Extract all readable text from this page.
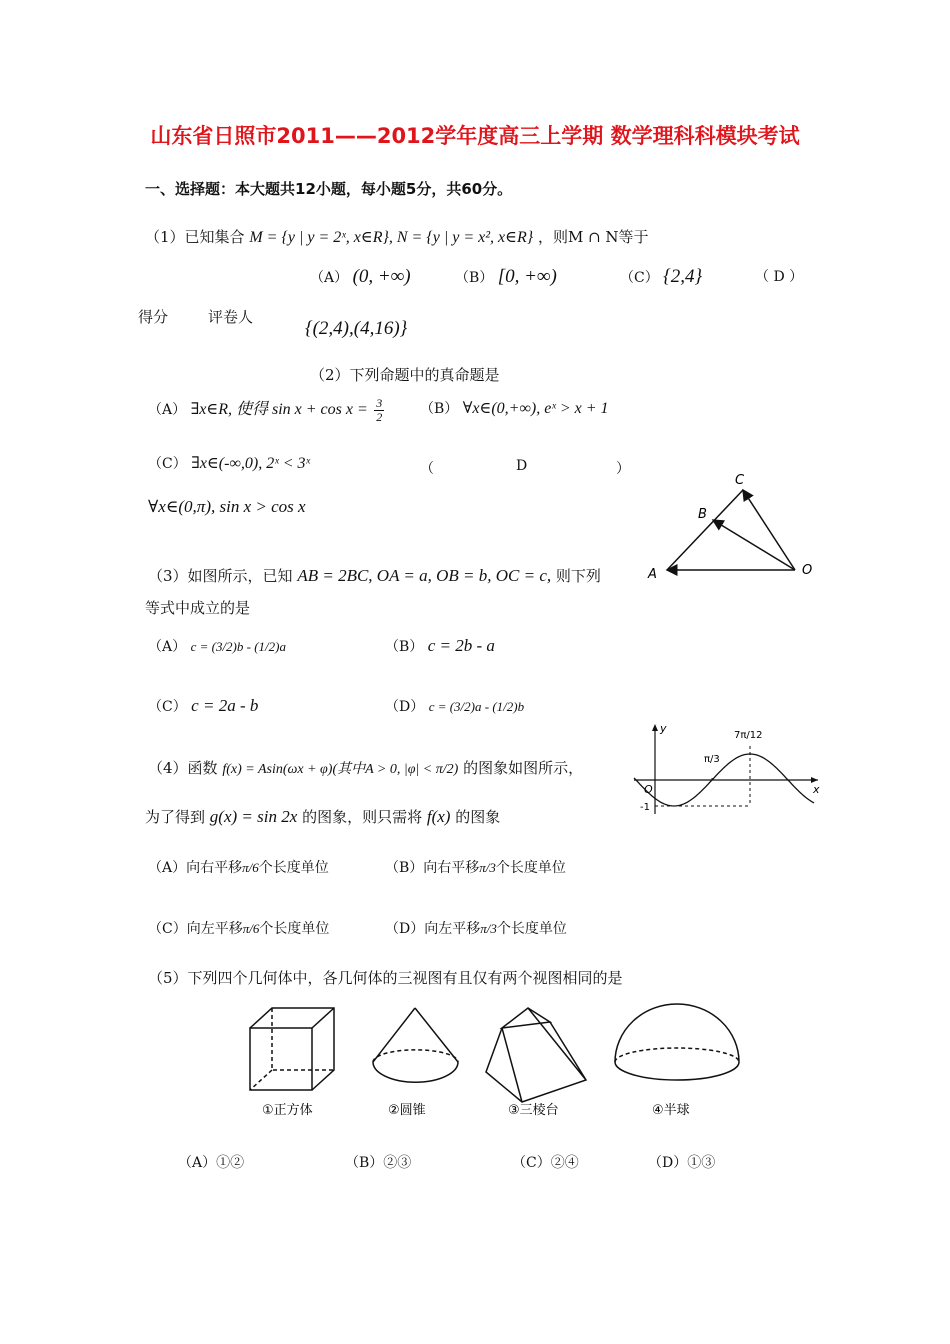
山东省日照市2011——2012学年度高三上学期 数学理科科模块考试
一、选择题：本大题共12小题，每小题5分，共60分。
（1）已知集合 M = {y | y = 2ˣ, x∈R}, N = {y | y = x², x∈R} ，则M ∩ N等于
（A） (0, +∞)	（B） [0, +∞)	（C） {2,4}	（ D ）
得分	评卷人
{(2,4),(4,16)}
（2）下列命题中的真命题是
（A） ∃x∈R, 使得 $\sin x + \cos x = \frac{3}{2}$	（B） ∀x∈(0,+∞), eˣ > x + 1
（C） ∃x∈(-∞,0), 2ˣ < 3ˣ	（	D	）
∀x∈(0,π), sin x > cos x
A
B
C
O
（3）如图所示，已知 AB = 2BC, OA = a, OB = b, OC = c, 则下列
等式中成立的是
（A） c = (3/2)b - (1/2)a	（B） c = 2b - a
（C） c = 2a - b	（D） c = (3/2)a - (1/2)b
y
x
O
-1
π/3
7π/12
（4）函数 f(x) = Asin(ωx + φ)(其中A > 0, |φ| < π/2) 的图象如图所示，
为了得到 g(x) = sin 2x 的图象，则只需将 f(x) 的图象
（A）向右平移π/6个长度单位	（B）向右平移π/3个长度单位
（C）向左平移π/6个长度单位	（D）向左平移π/3个长度单位
（5）下列四个几何体中，各几何体的三视图有且仅有两个视图相同的是
①正方体	②圆锥	③三棱台	④半球
（A）①②	（B）②③	（C）②④	（D）①③
